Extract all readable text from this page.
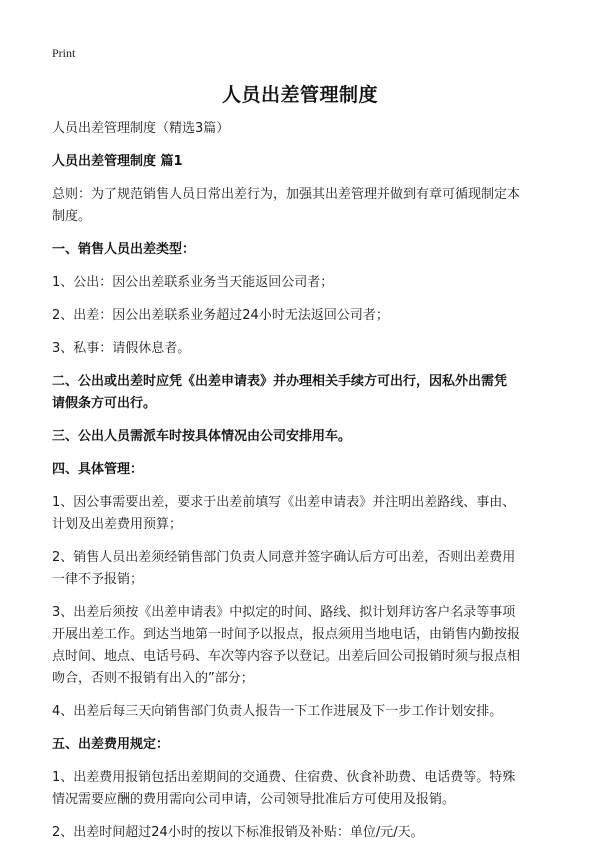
Print
人员出差管理制度

人员出差管理制度（精选3篇）

人员出差管理制度 篇1

总则：为了规范销售人员日常出差行为，加强其出差管理并做到有章可循现制定本
制度。

一、销售人员出差类型：

1、公出：因公出差联系业务当天能返回公司者；

2、出差：因公出差联系业务超过24小时无法返回公司者；

3、私事：请假休息者。

二、公出或出差时应凭《出差申请表》并办理相关手续方可出行，因私外出需凭
请假条方可出行。

三、公出人员需派车时按具体情况由公司安排用车。

四、具体管理：

1、因公事需要出差，要求于出差前填写《出差申请表》并注明出差路线、事由、
计划及出差费用预算；

2、销售人员出差须经销售部门负责人同意并签字确认后方可出差，否则出差费用
一律不予报销；

3、出差后须按《出差申请表》中拟定的时间、路线、拟计划拜访客户名录等事项
开展出差工作。到达当地第一时间予以报点，报点须用当地电话，由销售内勤按报
点时间、地点、电话号码、车次等内容予以登记。出差后回公司报销时须与报点相
吻合，否则不报销有出入的”部分；

4、出差后每三天向销售部门负责人报告一下工作进展及下一步工作计划安排。

五、出差费用规定：

1、出差费用报销包括出差期间的交通费、住宿费、伙食补助费、电话费等。特殊
情况需要应酬的费用需向公司申请，公司领导批准后方可使用及报销。

2、出差时间超过24小时的按以下标准报销及补贴：单位/元/天。
